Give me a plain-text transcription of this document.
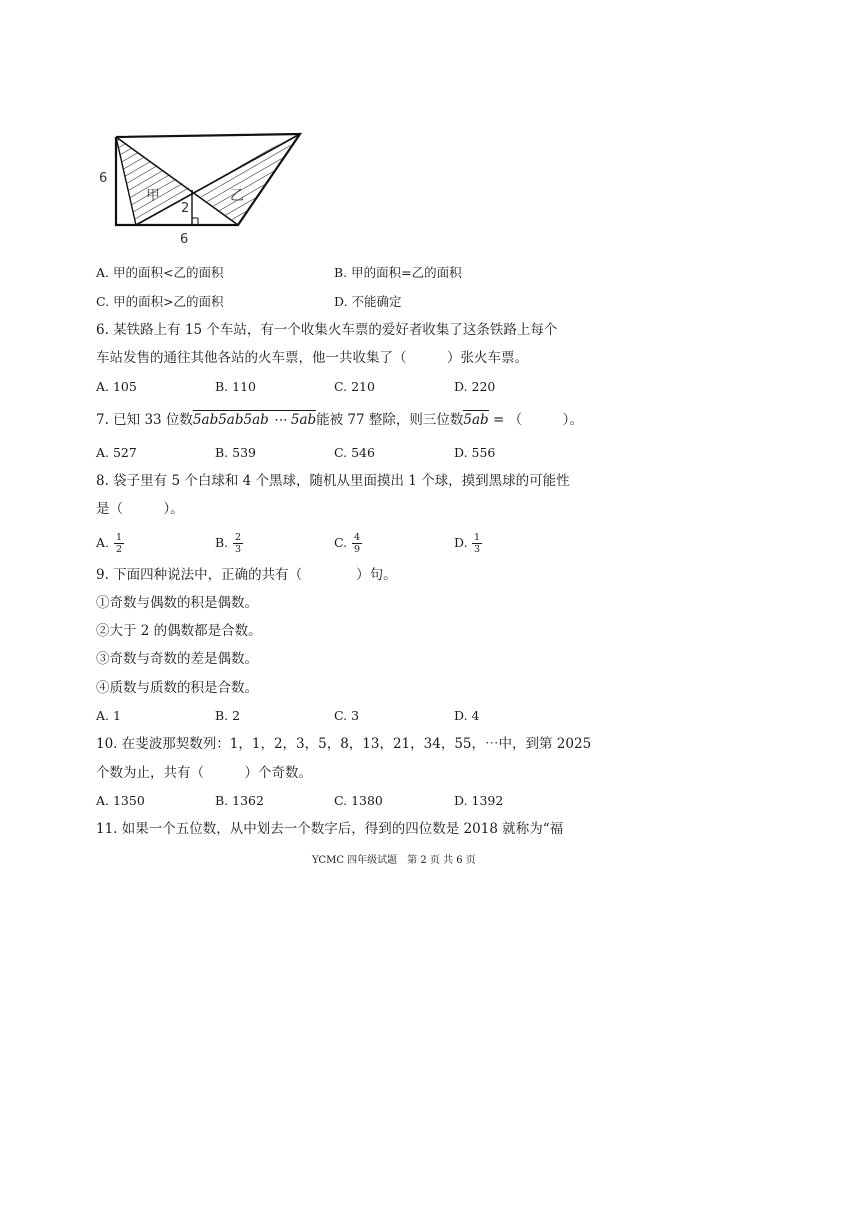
6
2
6
甲	乙
A. 甲的面积<乙的面积	B. 甲的面积=乙的面积
C. 甲的面积>乙的面积	D. 不能确定
6. 某铁路上有 15 个车站，有一个收集火车票的爱好者收集了这条铁路上每个
车站发售的通往其他各站的火车票，他一共收集了（　　　）张火车票。
A. 105	B. 110	C. 210	D. 220
7. 已知 33 位数5ab5ab5ab ⋯ 5ab能被 77 整除，则三位数5ab = （　　　）。
A. 527	B. 539	C. 546	D. 556
8. 袋子里有 5 个白球和 4 个黑球，随机从里面摸出 1 个球，摸到黑球的可能性
是（　　　）。
A. $\frac{1}{2}$	B. $\frac{2}{3}$	C. $\frac{4}{9}$	D. $\frac{1}{3}$
9. 下面四种说法中，正确的共有（　　　　）句。
①奇数与偶数的积是偶数。
②大于 2 的偶数都是合数。
③奇数与奇数的差是偶数。
④质数与质数的积是合数。
A. 1	B. 2	C. 3	D. 4
10. 在斐波那契数列：1，1，2，3，5，8，13，21，34，55，⋯中，到第 2025
个数为止，共有（　　　）个奇数。
A. 1350	B. 1362	C. 1380	D. 1392
11. 如果一个五位数，从中划去一个数字后，得到的四位数是 2018 就称为“福
YCMC 四年级试题　第 2 页 共 6 页
